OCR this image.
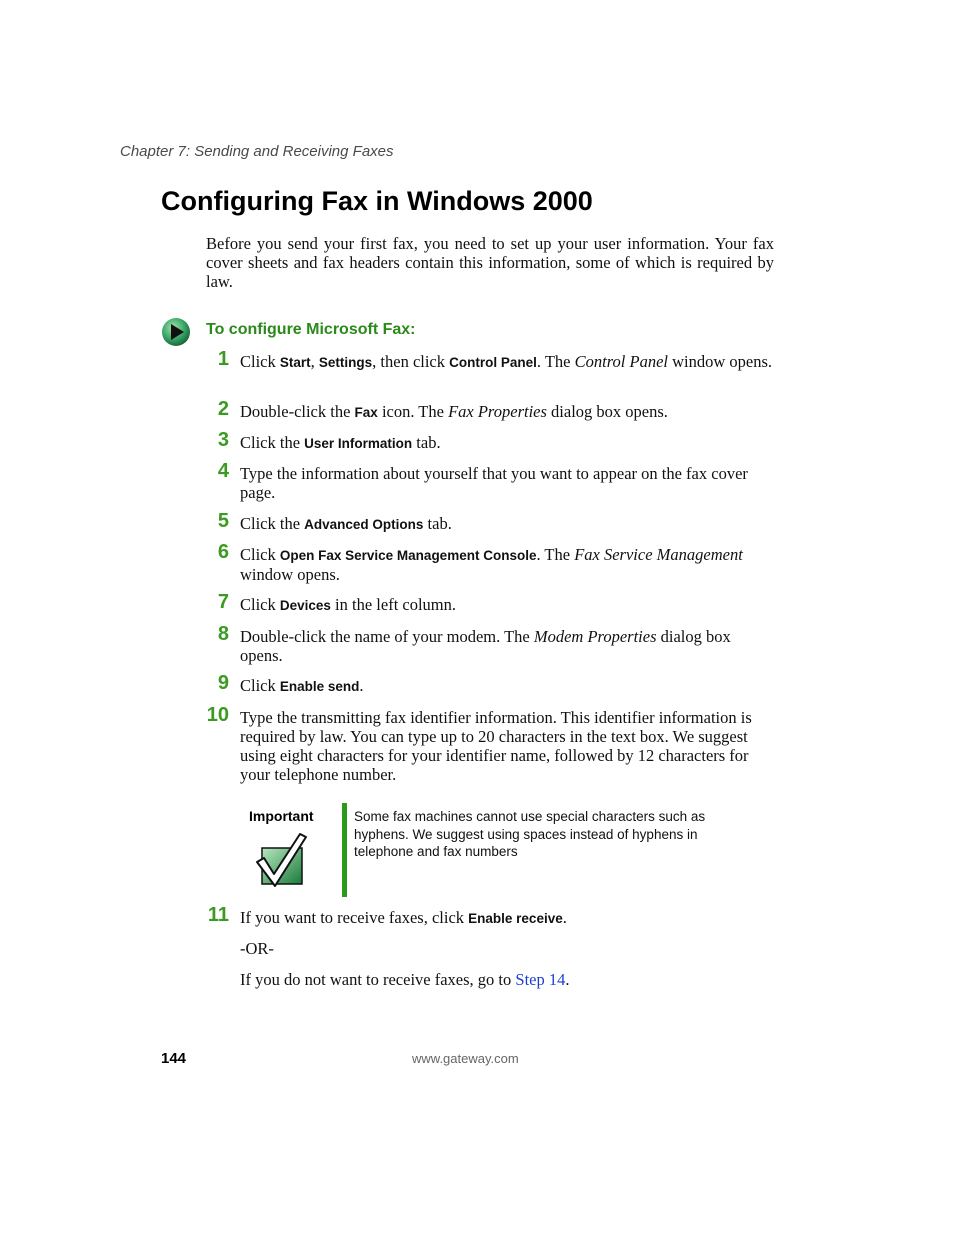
Chapter 7: Sending and Receiving Faxes
Configuring Fax in Windows 2000

Before you send your first fax, you need to set up your user information. Your fax cover sheets and fax headers contain this information, some of which is required by law.

To configure Microsoft Fax:
1 Click Start, Settings, then click Control Panel. The Control Panel window opens.
2 Double-click the Fax icon. The Fax Properties dialog box opens.
3 Click the User Information tab.
4 Type the information about yourself that you want to appear on the fax cover page.
5 Click the Advanced Options tab.
6 Click Open Fax Service Management Console. The Fax Service Management window opens.
7 Click Devices in the left column.
8 Double-click the name of your modem. The Modem Properties dialog box opens.
9 Click Enable send.
10 Type the transmitting fax identifier information. This identifier information is required by law. You can type up to 20 characters in the text box. We suggest using eight characters for your identifier name, followed by 12 characters for your telephone number.
Important	Some fax machines cannot use special characters such as hyphens. We suggest using spaces instead of hyphens in telephone and fax numbers

11 If you want to receive faxes, click Enable receive.
-OR-
If you do not want to receive faxes, go to Step 14.
144	www.gateway.com
